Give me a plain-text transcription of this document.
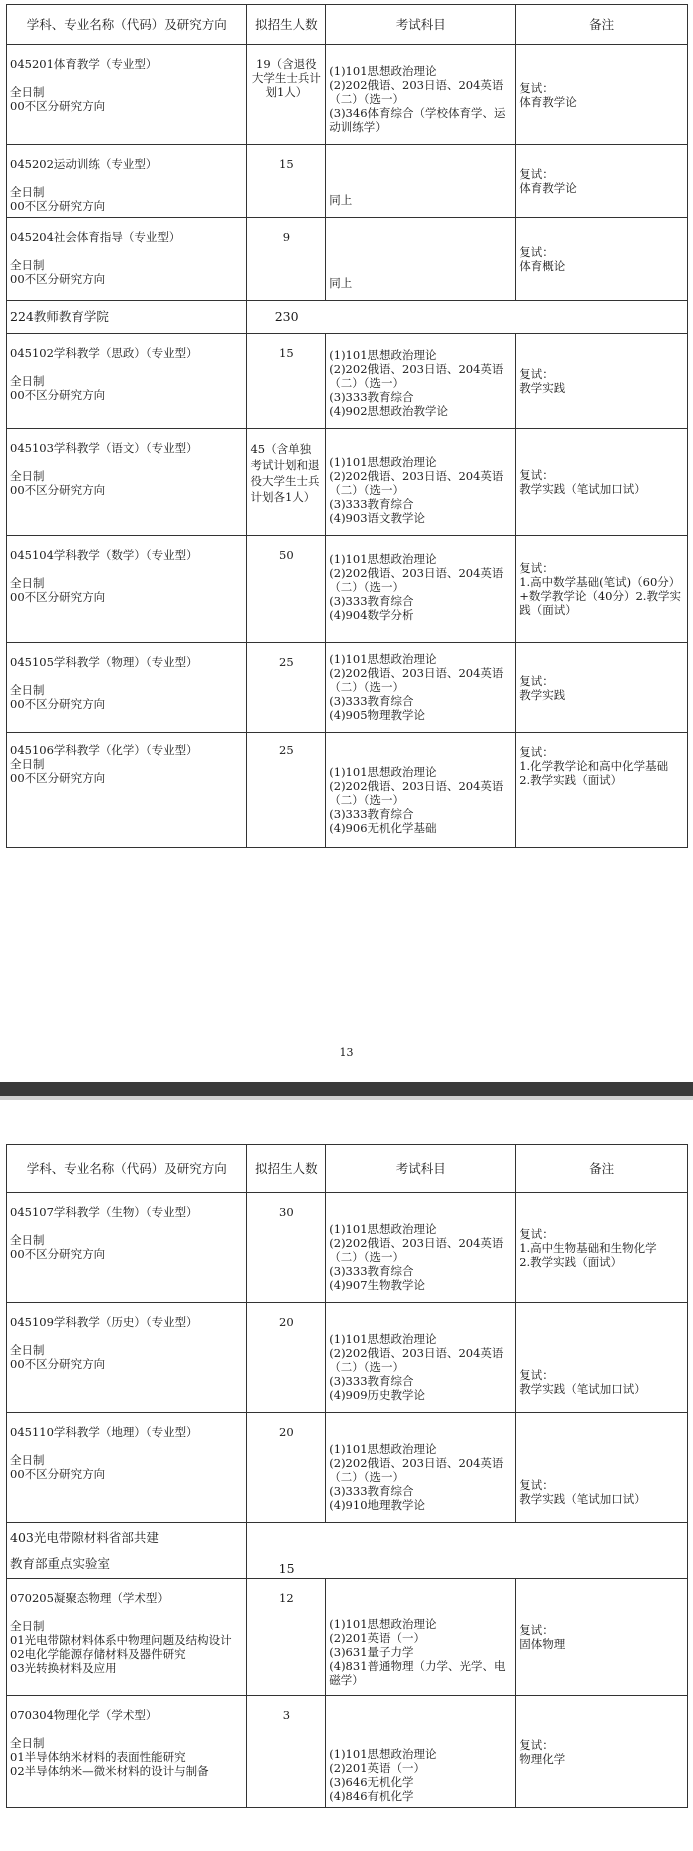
学科、专业名称（代码）及研究方向	拟招生人数	考试科目	备注

045201体育教学（专业型）
全日制
00不区分研究方向	19（含退役大学生士兵计划1人）	(1)101思想政治理论
(2)202俄语、203日语、204英语（二）（选一）
(3)346体育综合（学校体育学、运动训练学）	复试：
体育教学论

045202运动训练（专业型）
全日制
00不区分研究方向	15	同上	复试：
体育教学论

045204社会体育指导（专业型）
全日制
00不区分研究方向	9	同上	复试：
体育概论

224教师教育学院	230		

045102学科教学（思政）（专业型）
全日制
00不区分研究方向	15	(1)101思想政治理论
(2)202俄语、203日语、204英语（二）（选一）
(3)333教育综合
(4)902思想政治教学论	复试：
教学实践

045103学科教学（语文）（专业型）
全日制
00不区分研究方向	45（含单独考试计划和退役大学生士兵计划各1人）	(1)101思想政治理论
(2)202俄语、203日语、204英语（二）（选一）
(3)333教育综合
(4)903语文教学论	复试：
教学实践（笔试加口试）

045104学科教学（数学）（专业型）
全日制
00不区分研究方向	50	(1)101思想政治理论
(2)202俄语、203日语、204英语（二）（选一）
(3)333教育综合
(4)904数学分析	复试：
1.高中数学基础(笔试)（60分）+数学教学论（40分）2.教学实践（面试）

045105学科教学（物理）（专业型）
全日制
00不区分研究方向	25	(1)101思想政治理论
(2)202俄语、203日语、204英语（二）（选一）
(3)333教育综合
(4)905物理教学论	复试：
教学实践

045106学科教学（化学）（专业型）
全日制
00不区分研究方向	25	(1)101思想政治理论
(2)202俄语、203日语、204英语（二）（选一）
(3)333教育综合
(4)906无机化学基础	复试：
1.化学教学论和高中化学基础
2.教学实践（面试）
13
学科、专业名称（代码）及研究方向	拟招生人数	考试科目	备注

045107学科教学（生物）（专业型）
全日制
00不区分研究方向	30	(1)101思想政治理论
(2)202俄语、203日语、204英语（二）（选一）
(3)333教育综合
(4)907生物教学论	复试：
1.高中生物基础和生物化学
2.教学实践（面试）

045109学科教学（历史）（专业型）
全日制
00不区分研究方向	20	(1)101思想政治理论
(2)202俄语、203日语、204英语（二）（选一）
(3)333教育综合
(4)909历史教学论	复试：
教学实践（笔试加口试）

045110学科教学（地理）（专业型）
全日制
00不区分研究方向	20	(1)101思想政治理论
(2)202俄语、203日语、204英语（二）（选一）
(3)333教育综合
(4)910地理教学论	复试：
教学实践（笔试加口试）

403光电带隙材料省部共建
教育部重点实验室	15		

070205凝聚态物理（学术型）
全日制
01光电带隙材料体系中物理问题及结构设计
02电化学能源存储材料及器件研究
03光转换材料及应用	12	(1)101思想政治理论
(2)201英语（一）
(3)631量子力学
(4)831普通物理（力学、光学、电磁学）	复试：
固体物理

070304物理化学（学术型）
全日制
01半导体纳米材料的表面性能研究
02半导体纳米—微米材料的设计与制备	3	(1)101思想政治理论
(2)201英语（一）
(3)646无机化学
(4)846有机化学	复试：
物理化学
